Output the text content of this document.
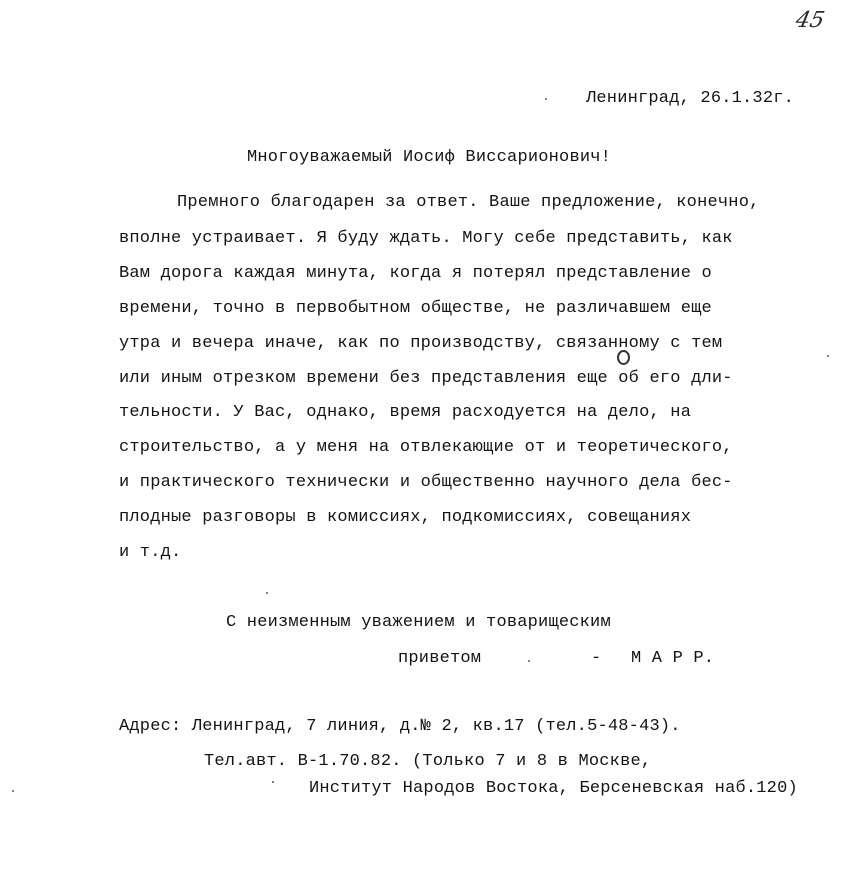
45
Ленинград, 26.1.32г.
Многоуважаемый Иосиф Виссарионович!
Премного благодарен за ответ. Ваше предложение, конечно,
вполне устраивает. Я буду ждать. Могу себе представить, как
Вам дорога каждая минута, когда я потерял представление о
времени, точно в первобытном обществе, не различавшем еще
утра и вечера иначе, как по производству, связанному с тем
или иным отрезком времени без представления еще об его дли-
тельности. У Вас, однако, время расходуется на дело, на
строительство, а у меня на отвлекающие от и теоретического,
и практического технически и общественно научного дела бес-
плодные разговоры в комиссиях, подкомиссиях, совещаниях
и т.д.
С неизменным уважением и товарищеским
приветом	- М А Р Р.
Адрес: Ленинград, 7 линия, д.№ 2, кв.17 (тел.5-48-43).
Тел.авт. В-1.70.82. (Только 7 и 8 в Москве,
Институт Народов Востока, Берсеневская наб.120)
